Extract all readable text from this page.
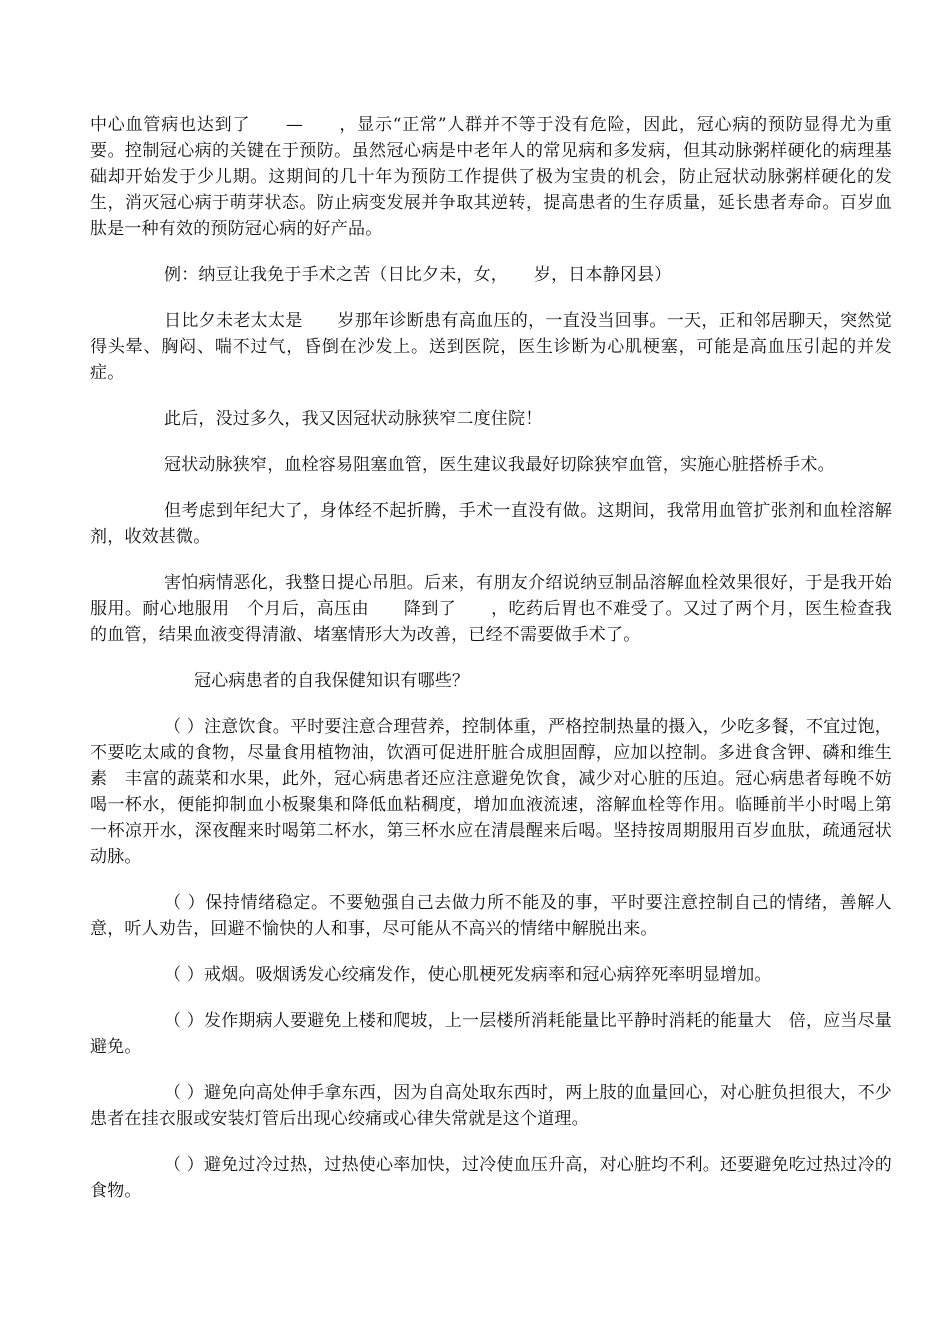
中心血管病也达到了　　—　　，显示“正常”人群并不等于没有危险，因此，冠心病的预防显得尤为重要。控制冠心病的关键在于预防。虽然冠心病是中老年人的常见病和多发病，但其动脉粥样硬化的病理基础却开始发于少儿期。这期间的几十年为预防工作提供了极为宝贵的机会，防止冠状动脉粥样硬化的发生，消灭冠心病于萌芽状态。防止病变发展并争取其逆转，提高患者的生存质量，延长患者寿命。百岁血肽是一种有效的预防冠心病的好产品。

例：纳豆让我免于手术之苦（日比夕未，女，　　岁，日本静冈县）

日比夕未老太太是　　岁那年诊断患有高血压的，一直没当回事。一天，正和邻居聊天，突然觉得头晕、胸闷、喘不过气，昏倒在沙发上。送到医院，医生诊断为心肌梗塞，可能是高血压引起的并发症。

此后，没过多久，我又因冠状动脉狭窄二度住院！

冠状动脉狭窄，血栓容易阻塞血管，医生建议我最好切除狭窄血管，实施心脏搭桥手术。

但考虑到年纪大了，身体经不起折腾，手术一直没有做。这期间，我常用血管扩张剂和血栓溶解剂，收效甚微。

害怕病情恶化，我整日提心吊胆。后来，有朋友介绍说纳豆制品溶解血栓效果很好，于是我开始服用。耐心地服用　个月后，高压由　　降到了　　，吃药后胃也不难受了。又过了两个月，医生检查我的血管，结果血液变得清澈、堵塞情形大为改善，已经不需要做手术了。

冠心病患者的自我保健知识有哪些？

（ ）注意饮食。平时要注意合理营养，控制体重，严格控制热量的摄入，少吃多餐，不宜过饱，不要吃太咸的食物，尽量食用植物油，饮酒可促进肝脏合成胆固醇，应加以控制。多进食含钾、磷和维生素　丰富的蔬菜和水果，此外，冠心病患者还应注意避免饮食，减少对心脏的压迫。冠心病患者每晚不妨喝一杯水，便能抑制血小板聚集和降低血粘稠度，增加血液流速，溶解血栓等作用。临睡前半小时喝上第一杯凉开水，深夜醒来时喝第二杯水，第三杯水应在清晨醒来后喝。坚持按周期服用百岁血肽，疏通冠状动脉。

（ ）保持情绪稳定。不要勉强自己去做力所不能及的事，平时要注意控制自己的情绪，善解人意，听人劝告，回避不愉快的人和事，尽可能从不高兴的情绪中解脱出来。

（ ）戒烟。吸烟诱发心绞痛发作，使心肌梗死发病率和冠心病猝死率明显增加。

（ ）发作期病人要避免上楼和爬坡，上一层楼所消耗能量比平静时消耗的能量大　倍，应当尽量避免。

（ ）避免向高处伸手拿东西，因为自高处取东西时，两上肢的血量回心，对心脏负担很大，不少患者在挂衣服或安装灯管后出现心绞痛或心律失常就是这个道理。

（ ）避免过冷过热，过热使心率加快，过冷使血压升高，对心脏均不利。还要避免吃过热过冷的食物。
